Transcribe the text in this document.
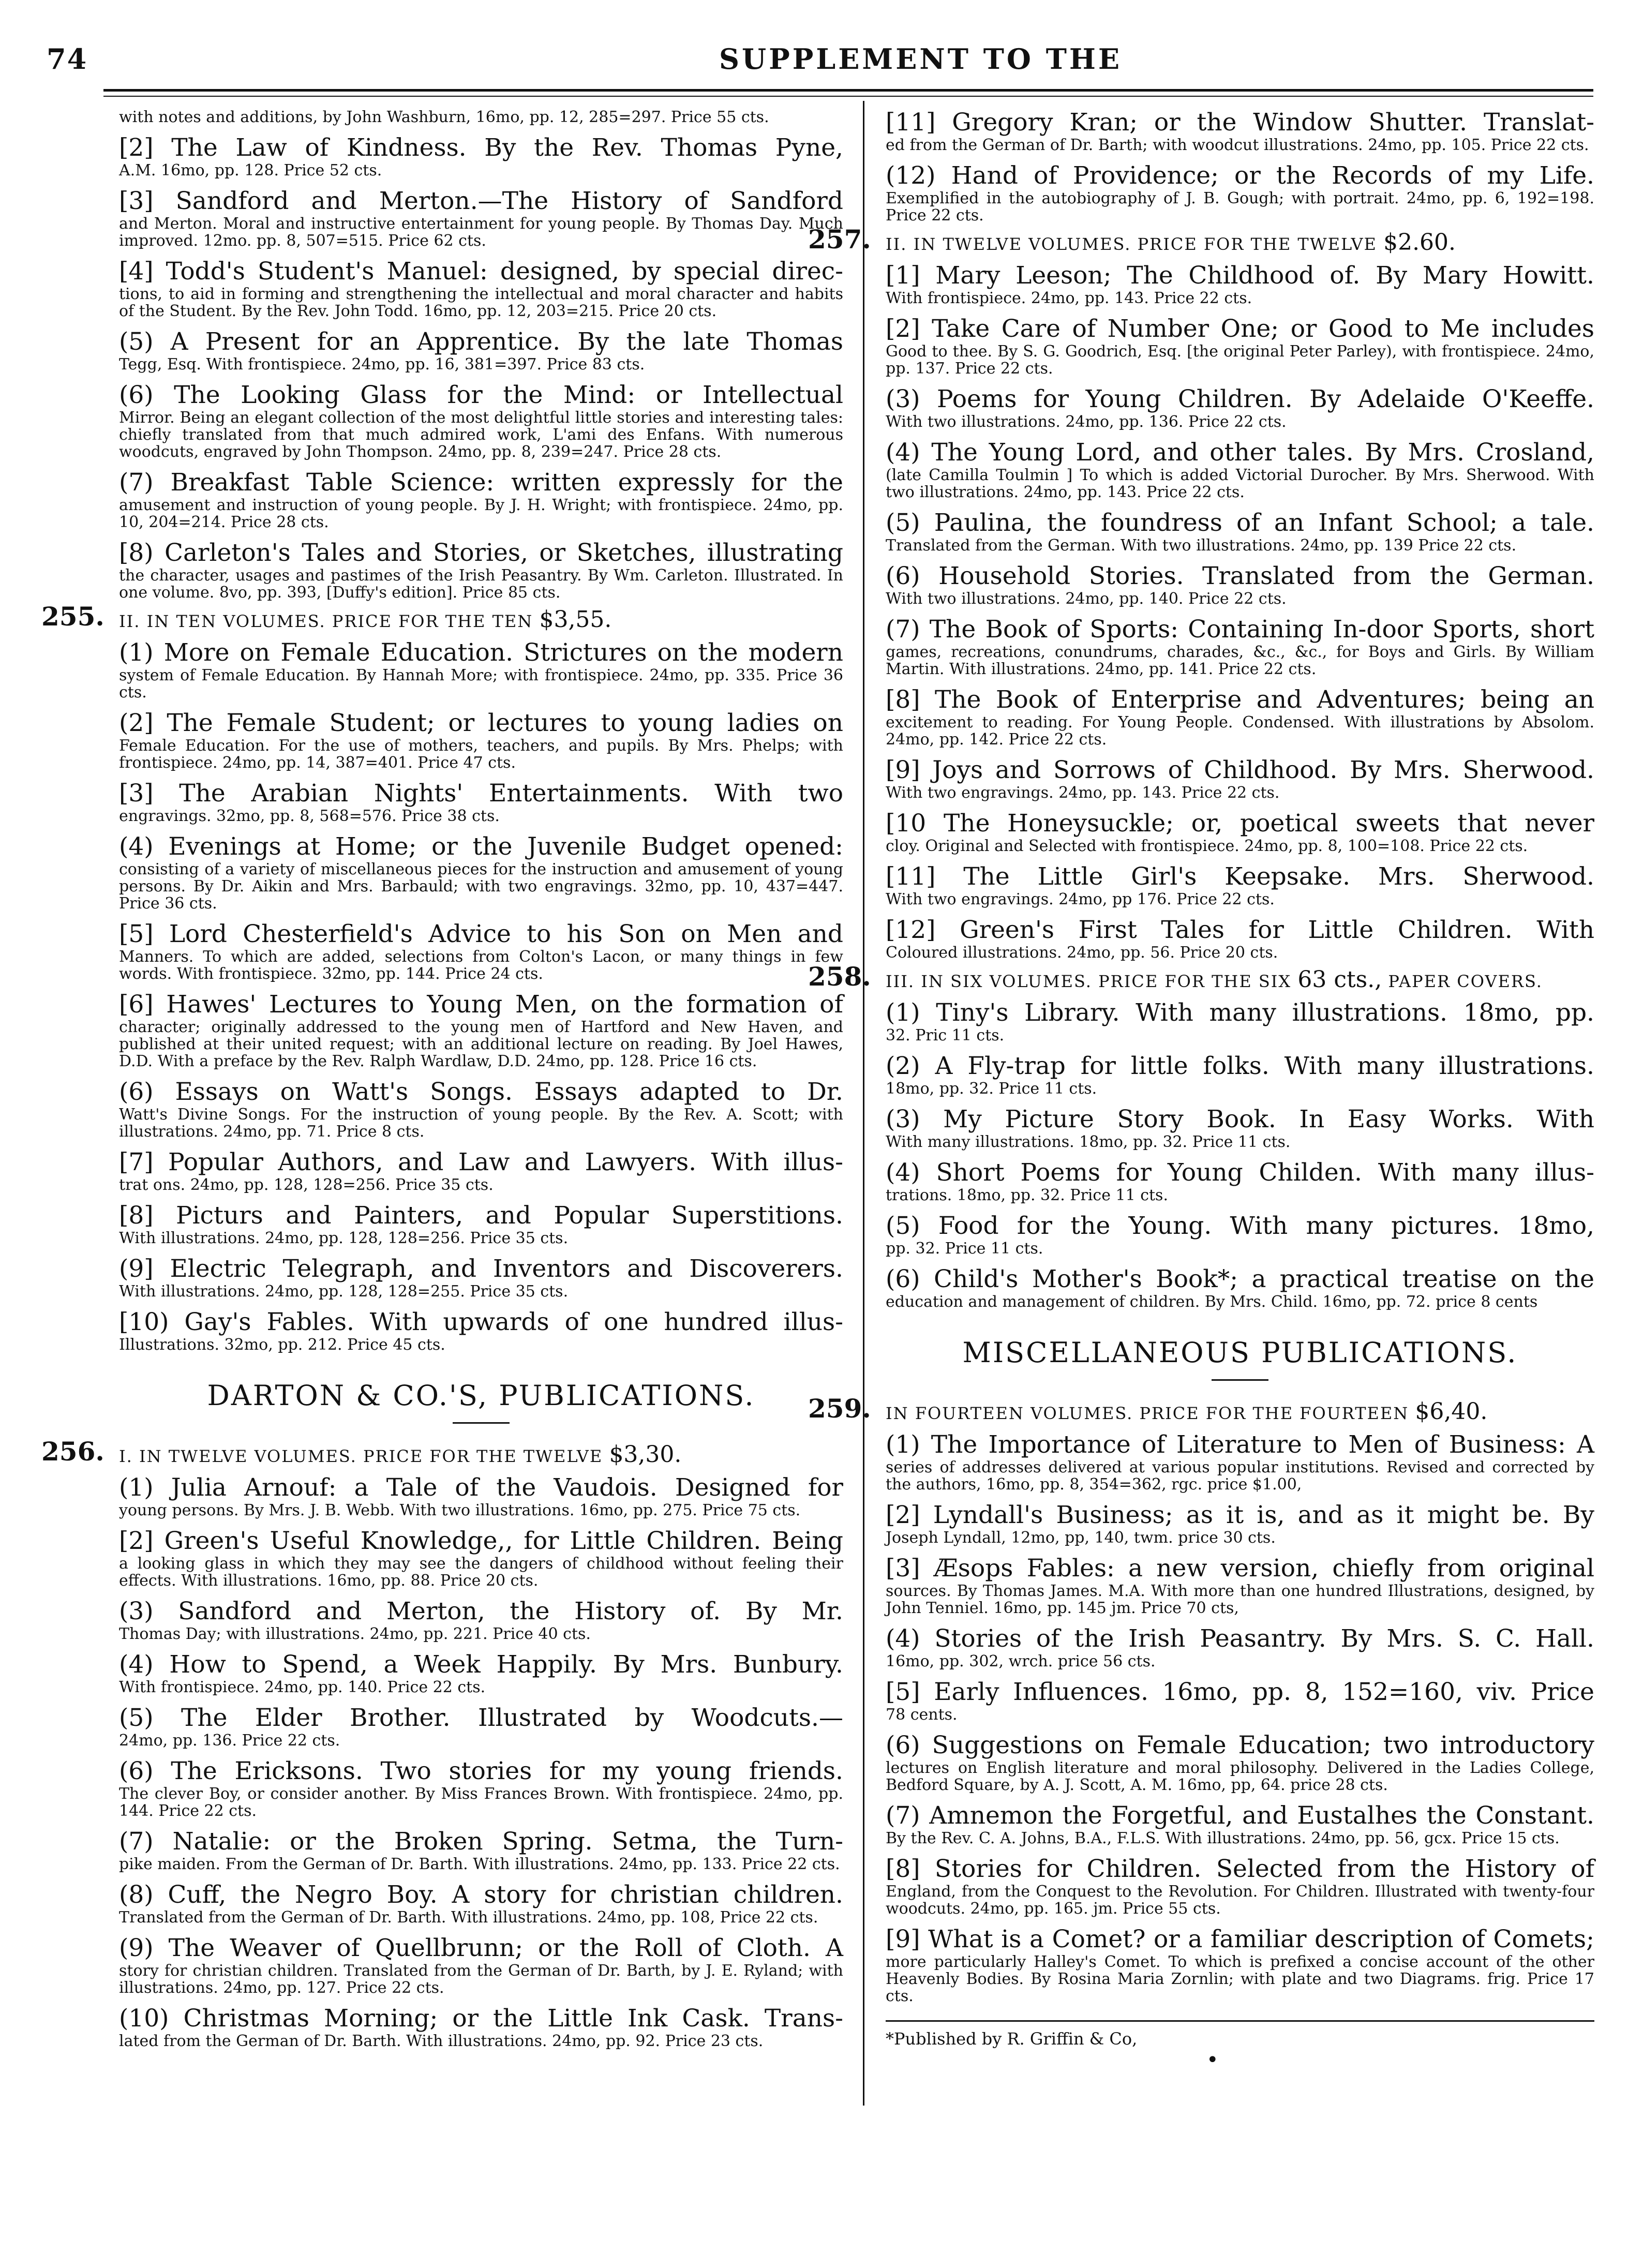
74	SUPPLEMENT TO THE
with notes and additions, by John Washburn, 16mo, pp. 12, 285=297. Price 55 cts.
[2] The Law of Kindness. By the Rev. Thomas Pyne,
A.M. 16mo, pp. 128. Price 52 cts.
[3] Sandford and Merton.—The History of Sandford
and Merton. Moral and instructive entertainment for young people. By Thomas Day. Much improved. 12mo. pp. 8, 507=515. Price 62 cts.
[4] Todd's Student's Manuel: designed, by special direc-
tions, to aid in forming and strengthening the intellectual and moral character and habits of the Student. By the Rev. John Todd. 16mo, pp. 12, 203=215. Price 20 cts.
(5) A Present for an Apprentice. By the late Thomas
Tegg, Esq. With frontispiece. 24mo, pp. 16, 381=397. Price 83 cts.
(6) The Looking Glass for the Mind: or Intellectual
Mirror. Being an elegant collection of the most delightful little stories and interesting tales: chiefly translated from that much admired work, L'ami des Enfans. With numerous woodcuts, engraved by John Thompson. 24mo, pp. 8, 239=247. Price 28 cts.
(7) Breakfast Table Science: written expressly for the
amusement and instruction of young people. By J. H. Wright; with frontispiece. 24mo, pp. 10, 204=214. Price 28 cts.
[8) Carleton's Tales and Stories, or Sketches, illustrating
the character, usages and pastimes of the Irish Peasantry. By Wm. Carleton. Illustrated. In one volume. 8vo, pp. 393, [Duffy's edition]. Price 85 cts.
255. II. IN TEN VOLUMES. PRICE FOR THE TEN $3,55.
(1) More on Female Education. Strictures on the modern
system of Female Education. By Hannah More; with frontispiece. 24mo, pp. 335. Price 36 cts.
(2] The Female Student; or lectures to young ladies on
Female Education. For the use of mothers, teachers, and pupils. By Mrs. Phelps; with frontispiece. 24mo, pp. 14, 387=401. Price 47 cts.
[3] The Arabian Nights' Entertainments. With two
engravings. 32mo, pp. 8, 568=576. Price 38 cts.
(4) Evenings at Home; or the Juvenile Budget opened:
consisting of a variety of miscellaneous pieces for the instruction and amusement of young persons. By Dr. Aikin and Mrs. Barbauld; with two engravings. 32mo, pp. 10, 437=447. Price 36 cts.
[5] Lord Chesterfield's Advice to his Son on Men and
Manners. To which are added, selections from Colton's Lacon, or many things in few words. With frontispiece. 32mo, pp. 144. Price 24 cts.
[6] Hawes' Lectures to Young Men, on the formation of
character; originally addressed to the young men of Hartford and New Haven, and published at their united request; with an additional lecture on reading. By Joel Hawes, D.D. With a preface by the Rev. Ralph Wardlaw, D.D. 24mo, pp. 128. Price 16 cts.
(6) Essays on Watt's Songs. Essays adapted to Dr.
Watt's Divine Songs. For the instruction of young people. By the Rev. A. Scott; with illustrations. 24mo, pp. 71. Price 8 cts.
[7] Popular Authors, and Law and Lawyers. With illus-
trat ons. 24mo, pp. 128, 128=256. Price 35 cts.
[8] Picturs and Painters, and Popular Superstitions.
With illustrations. 24mo, pp. 128, 128=256. Price 35 cts.
(9] Electric Telegraph, and Inventors and Discoverers.
With illustrations. 24mo, pp. 128, 128=255. Price 35 cts.
[10) Gay's Fables. With upwards of one hundred illus-
Illustrations. 32mo, pp. 212. Price 45 cts.
DARTON & CO.'S, PUBLICATIONS.
256. I. IN TWELVE VOLUMES. PRICE FOR THE TWELVE $3,30.
(1) Julia Arnouf: a Tale of the Vaudois. Designed for
young persons. By Mrs. J. B. Webb. With two illustrations. 16mo, pp. 275. Price 75 cts.
[2] Green's Useful Knowledge,, for Little Children. Being
a looking glass in which they may see the dangers of childhood without feeling their effects. With illustrations. 16mo, pp. 88. Price 20 cts.
(3) Sandford and Merton, the History of. By Mr.
Thomas Day; with illustrations. 24mo, pp. 221. Price 40 cts.
(4) How to Spend, a Week Happily. By Mrs. Bunbury.
With frontispiece. 24mo, pp. 140. Price 22 cts.
(5) The Elder Brother. Illustrated by Woodcuts.—
24mo, pp. 136. Price 22 cts.
(6) The Ericksons. Two stories for my young friends.
The clever Boy, or consider another. By Miss Frances Brown. With frontispiece. 24mo, pp. 144. Price 22 cts.
(7) Natalie: or the Broken Spring. Setma, the Turn-
pike maiden. From the German of Dr. Barth. With illustrations. 24mo, pp. 133. Price 22 cts.
(8) Cuff, the Negro Boy. A story for christian children.
Translated from the German of Dr. Barth. With illustrations. 24mo, pp. 108, Price 22 cts.
(9) The Weaver of Quellbrunn; or the Roll of Cloth. A
story for christian children. Translated from the German of Dr. Barth, by J. E. Ryland; with illustrations. 24mo, pp. 127. Price 22 cts.
(10) Christmas Morning; or the Little Ink Cask. Trans-
lated from the German of Dr. Barth. With illustrations. 24mo, pp. 92. Price 23 cts.
[11] Gregory Kran; or the Window Shutter. Translat-
ed from the German of Dr. Barth; with woodcut illustrations. 24mo, pp. 105. Price 22 cts.
(12) Hand of Providence; or the Records of my Life.
Exemplified in the autobiography of J. B. Gough; with portrait. 24mo, pp. 6, 192=198. Price 22 cts.
257. II. IN TWELVE VOLUMES. PRICE FOR THE TWELVE $2.60.
[1] Mary Leeson; The Childhood of. By Mary Howitt.
With frontispiece. 24mo, pp. 143. Price 22 cts.
[2] Take Care of Number One; or Good to Me includes
Good to thee. By S. G. Goodrich, Esq. [the original Peter Parley), with frontispiece. 24mo, pp. 137. Price 22 cts.
(3) Poems for Young Children. By Adelaide O'Keeffe.
With two illustrations. 24mo, pp. 136. Price 22 cts.
(4) The Young Lord, and other tales. By Mrs. Crosland,
(late Camilla Toulmin ] To which is added Victorial Durocher. By Mrs. Sherwood. With two illustrations. 24mo, pp. 143. Price 22 cts.
(5) Paulina, the foundress of an Infant School; a tale.
Translated from the German. With two illustrations. 24mo, pp. 139 Price 22 cts.
(6) Household Stories. Translated from the German.
With two illustrations. 24mo, pp. 140. Price 22 cts.
(7) The Book of Sports: Containing In-door Sports, short
games, recreations, conundrums, charades, &c., &c., for Boys and Girls. By William Martin. With illustrations. 24mo, pp. 141. Price 22 cts.
[8] The Book of Enterprise and Adventures; being an
excitement to reading. For Young People. Condensed. With illustrations by Absolom. 24mo, pp. 142. Price 22 cts.
[9] Joys and Sorrows of Childhood. By Mrs. Sherwood.
With two engravings. 24mo, pp. 143. Price 22 cts.
[10 The Honeysuckle; or, poetical sweets that never
cloy. Original and Selected with frontispiece. 24mo, pp. 8, 100=108. Price 22 cts.
[11] The Little Girl's Keepsake. Mrs. Sherwood.
With two engravings. 24mo, pp 176. Price 22 cts.
[12] Green's First Tales for Little Children. With
Coloured illustrations. 24mo, pp. 56. Price 20 cts.
258. III. IN SIX VOLUMES. PRICE FOR THE SIX 63 cts., PAPER COVERS.
(1) Tiny's Library. With many illustrations. 18mo, pp.
32. Pric 11 cts.
(2) A Fly-trap for little folks. With many illustrations.
18mo, pp. 32. Price 11 cts.
(3) My Picture Story Book. In Easy Works. With
With many illustrations. 18mo, pp. 32. Price 11 cts.
(4) Short Poems for Young Childen. With many illus-
trations. 18mo, pp. 32. Price 11 cts.
(5) Food for the Young. With many pictures. 18mo,
pp. 32. Price 11 cts.
(6) Child's Mother's Book*; a practical treatise on the
education and management of children. By Mrs. Child. 16mo, pp. 72. price 8 cents
MISCELLANEOUS PUBLICATIONS.
259. IN FOURTEEN VOLUMES. PRICE FOR THE FOURTEEN $6,40.
(1) The Importance of Literature to Men of Business: A
series of addresses delivered at various popular institutions. Revised and corrected by the authors, 16mo, pp. 8, 354=362, rgc. price $1.00,
[2] Lyndall's Business; as it is, and as it might be. By
Joseph Lyndall, 12mo, pp, 140, twm. price 30 cts.
[3] Æsops Fables: a new version, chiefly from original
sources. By Thomas James. M.A. With more than one hundred Illustrations, designed, by John Tenniel. 16mo, pp. 145 jm. Price 70 cts,
(4) Stories of the Irish Peasantry. By Mrs. S. C. Hall.
16mo, pp. 302, wrch. price 56 cts.
[5] Early Influences. 16mo, pp. 8, 152=160, viv. Price
78 cents.
(6) Suggestions on Female Education; two introductory
lectures on English literature and moral philosophy. Delivered in the Ladies College, Bedford Square, by A. J. Scott, A. M. 16mo, pp, 64. price 28 cts.
(7) Amnemon the Forgetful, and Eustalhes the Constant.
By the Rev. C. A. Johns, B.A., F.L.S. With illustrations. 24mo, pp. 56, gcx. Price 15 cts.
[8] Stories for Children. Selected from the History of
England, from the Conquest to the Revolution. For Children. Illustrated with twenty-four woodcuts. 24mo, pp. 165. jm. Price 55 cts.
[9] What is a Comet? or a familiar description of Comets;
more particularly Halley's Comet. To which is prefixed a concise account of the other Heavenly Bodies. By Rosina Maria Zornlin; with plate and two Diagrams. frig. Price 17 cts.
*Published by R. Griffin & Co,
•
